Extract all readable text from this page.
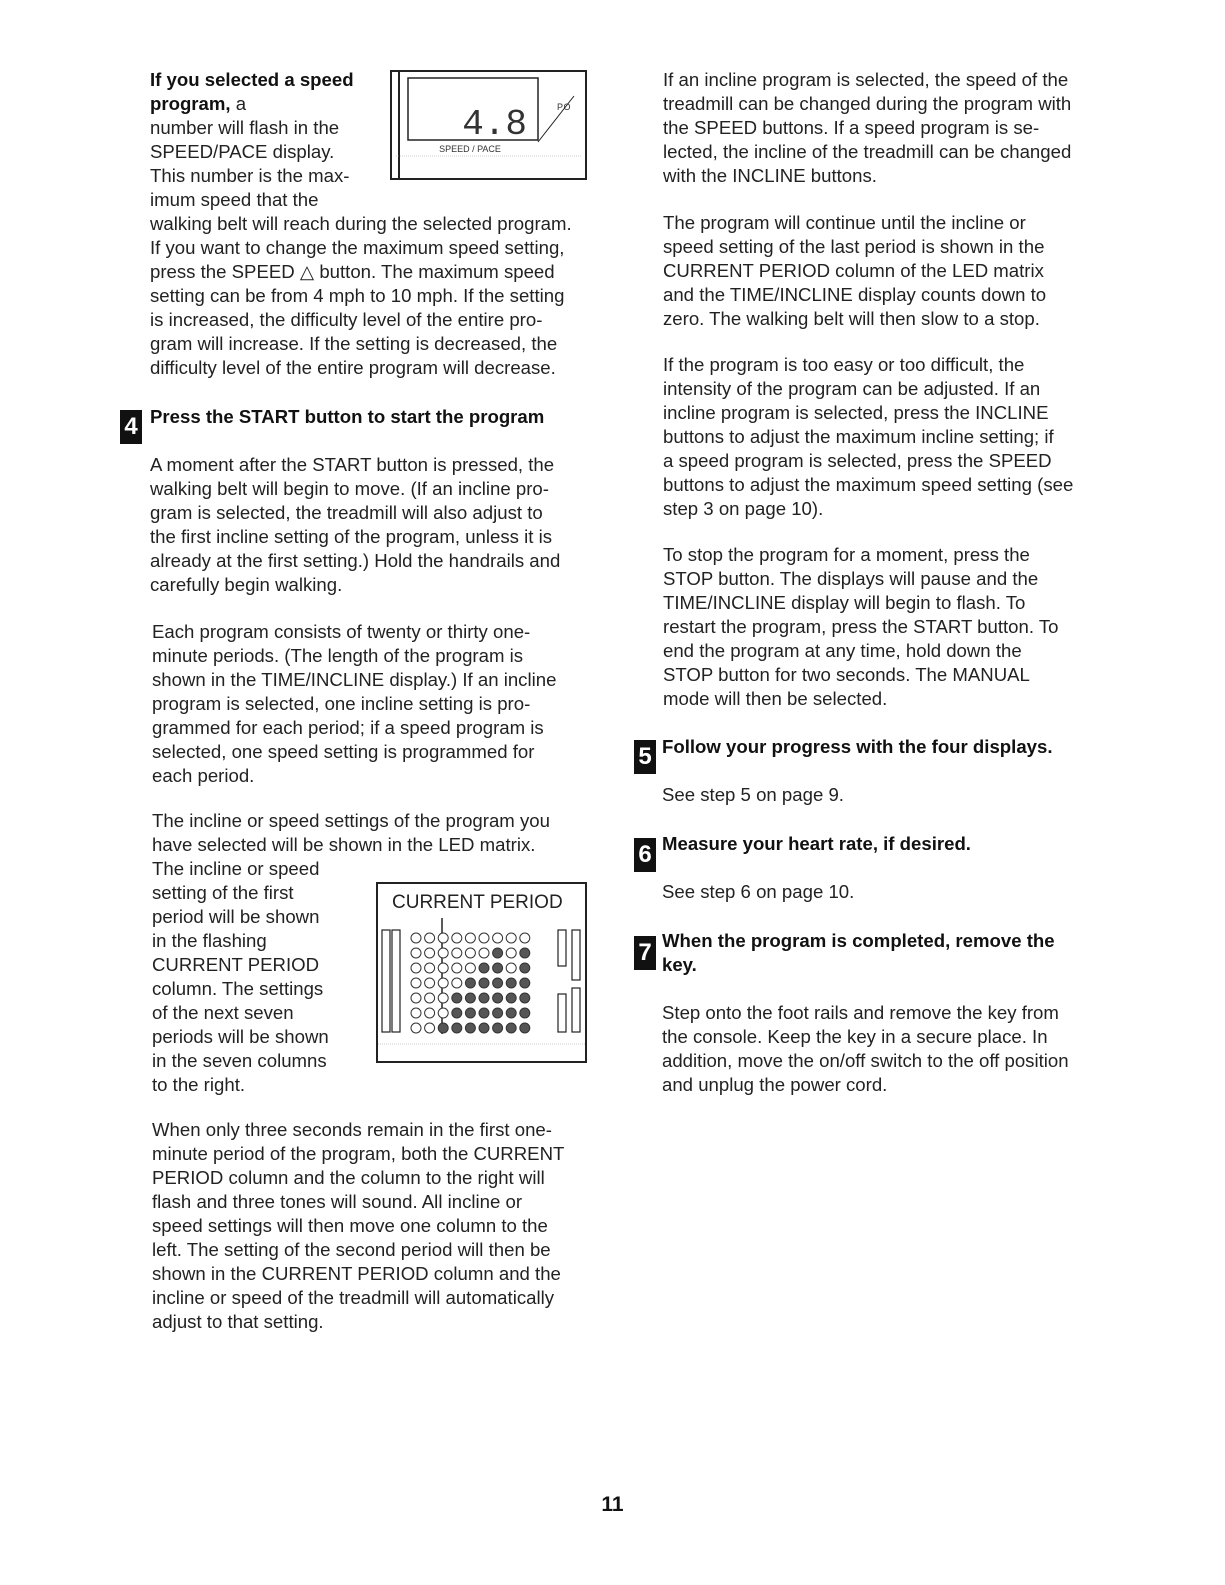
If you selected a speed program, a
number will flash in the
SPEED/PACE display.
This number is the max-
imum speed that the
PO
4.8
SPEED / PACE
walking belt will reach during the selected program.
If you want to change the maximum speed setting,
press the SPEED △ button. The maximum speed
setting can be from 4 mph to 10 mph. If the setting
is increased, the difficulty level of the entire pro-
gram will increase. If the setting is decreased, the
difficulty level of the entire program will decrease.
4 Press the START button to start the program
A moment after the START button is pressed, the
walking belt will begin to move. (If an incline pro-
gram is selected, the treadmill will also adjust to
the first incline setting of the program, unless it is
already at the first setting.) Hold the handrails and
carefully begin walking.
Each program consists of twenty or thirty one-
minute periods. (The length of the program is
shown in the TIME/INCLINE display.) If an incline
program is selected, one incline setting is pro-
grammed for each period; if a speed program is
selected, one speed setting is programmed for
each period.
The incline or speed settings of the program you
have selected will be shown in the LED matrix.
The incline or speed
setting of the first
period will be shown
in the flashing
CURRENT PERIOD
column. The settings
of the next seven
periods will be shown
in the seven columns
to the right.
CURRENT PERIOD
When only three seconds remain in the first one-
minute period of the program, both the CURRENT
PERIOD column and the column to the right will
flash and three tones will sound. All incline or
speed settings will then move one column to the
left. The setting of the second period will then be
shown in the CURRENT PERIOD column and the
incline or speed of the treadmill will automatically
adjust to that setting.
If an incline program is selected, the speed of the
treadmill can be changed during the program with
the SPEED buttons. If a speed program is se-
lected, the incline of the treadmill can be changed
with the INCLINE buttons.
The program will continue until the incline or
speed setting of the last period is shown in the
CURRENT PERIOD column of the LED matrix
and the TIME/INCLINE display counts down to
zero. The walking belt will then slow to a stop.
If the program is too easy or too difficult, the
intensity of the program can be adjusted. If an
incline program is selected, press the INCLINE
buttons to adjust the maximum incline setting; if
a speed program is selected, press the SPEED
buttons to adjust the maximum speed setting (see
step 3 on page 10).
To stop the program for a moment, press the
STOP button. The displays will pause and the
TIME/INCLINE display will begin to flash. To
restart the program, press the START button. To
end the program at any time, hold down the
STOP button for two seconds. The MANUAL
mode will then be selected.
5 Follow your progress with the four displays.
See step 5 on page 9.
6 Measure your heart rate, if desired.
See step 6 on page 10.
7 When the program is completed, remove the
key.
Step onto the foot rails and remove the key from
the console. Keep the key in a secure place. In
addition, move the on/off switch to the off position
and unplug the power cord.
11
